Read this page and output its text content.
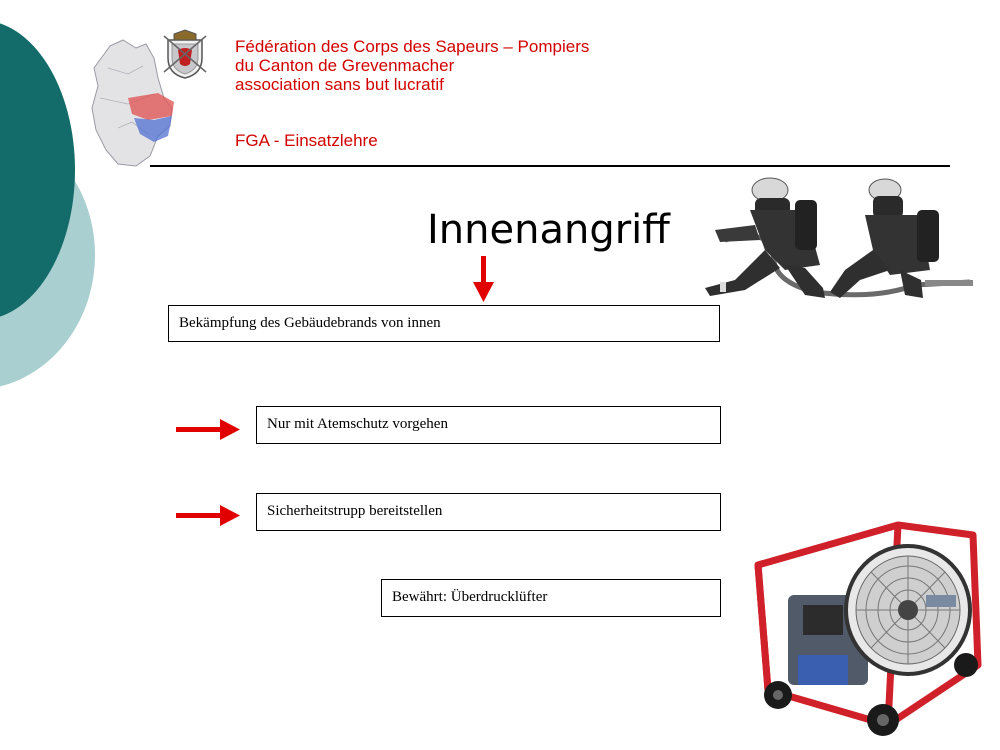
Fédération des Corps des Sapeurs – Pompiers
du Canton de Grevenmacher
association sans but lucratif
FGA - Einsatzlehre
Innenangriff
Bekämpfung des Gebäudebrands von innen
Nur mit Atemschutz vorgehen
Sicherheitstrupp bereitstellen
Bewährt: Überdrucklüfter
